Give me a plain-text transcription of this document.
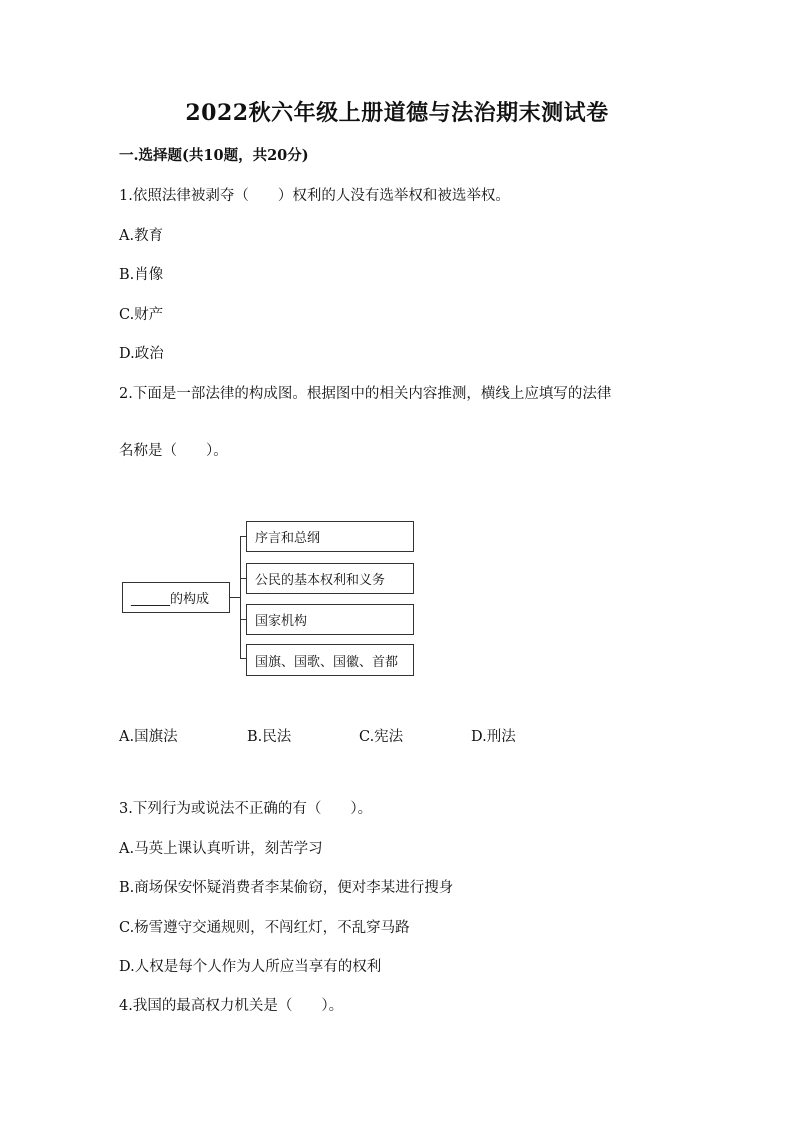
2022秋六年级上册道德与法治期末测试卷
一.选择题(共10题，共20分)
1.依照法律被剥夺（　　）权利的人没有选举权和被选举权。
A.教育
B.肖像
C.财产
D.政治
2.下面是一部法律的构成图。根据图中的相关内容推测，横线上应填写的法律
名称是（　　）。
______的构成
序言和总纲
公民的基本权利和义务
国家机构
国旗、国歌、国徽、首都
A.国旗法	B.民法	C.宪法	D.刑法
3.下列行为或说法不正确的有（　　）。
A.马英上课认真听讲，刻苦学习
B.商场保安怀疑消费者李某偷窃，便对李某进行搜身
C.杨雪遵守交通规则，不闯红灯，不乱穿马路
D.人权是每个人作为人所应当享有的权利
4.我国的最高权力机关是（　　）。
